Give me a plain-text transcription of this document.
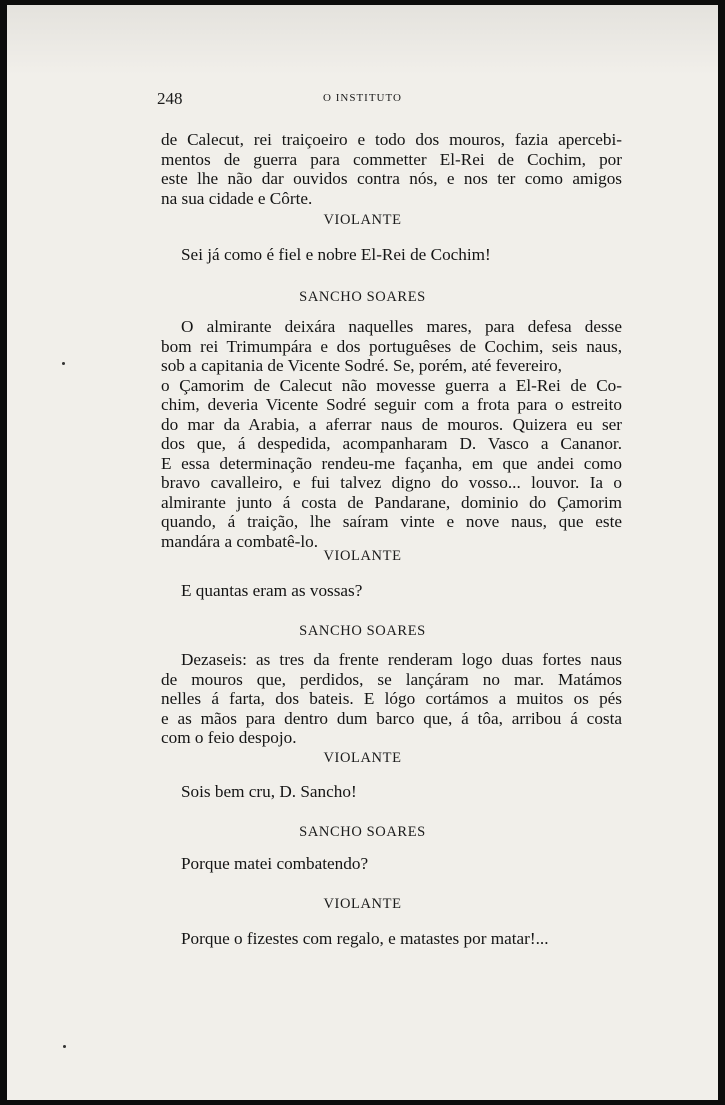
248	O INSTITUTO
de Calecut, rei traiçoeiro e todo dos mouros, fazia apercebi-
mentos de guerra para commetter El-Rei de Cochim, por
este lhe não dar ouvidos contra nós, e nos ter como amigos
na sua cidade e Côrte.
VIOLANTE
Sei já como é fiel e nobre El-Rei de Cochim!
SANCHO SOARES
O almirante deixára naquelles mares, para defesa desse
bom rei Trimumpára e dos portuguêses de Cochim, seis naus,
sob a capitania de Vicente Sodré. Se, porém, até fevereiro,
o Çamorim de Calecut não movesse guerra a El-Rei de Co-
chim, deveria Vicente Sodré seguir com a frota para o estreito
do mar da Arabia, a aferrar naus de mouros. Quizera eu ser
dos que, á despedida, acompanharam D. Vasco a Cananor.
E essa determinação rendeu-me façanha, em que andei como
bravo cavalleiro, e fui talvez digno do vosso... louvor. Ia o
almirante junto á costa de Pandarane, dominio do Çamorim
quando, á traição, lhe saíram vinte e nove naus, que este
mandára a combatê-lo.
VIOLANTE
E quantas eram as vossas?
SANCHO SOARES
Dezaseis: as tres da frente renderam logo duas fortes naus
de mouros que, perdidos, se lançáram no mar. Matámos
nelles á farta, dos bateis. E lógo cortámos a muitos os pés
e as mãos para dentro dum barco que, á tôa, arribou á costa
com o feio despojo.
VIOLANTE
Sois bem cru, D. Sancho!
SANCHO SOARES
Porque matei combatendo?
VIOLANTE
Porque o fizestes com regalo, e matastes por matar!...
